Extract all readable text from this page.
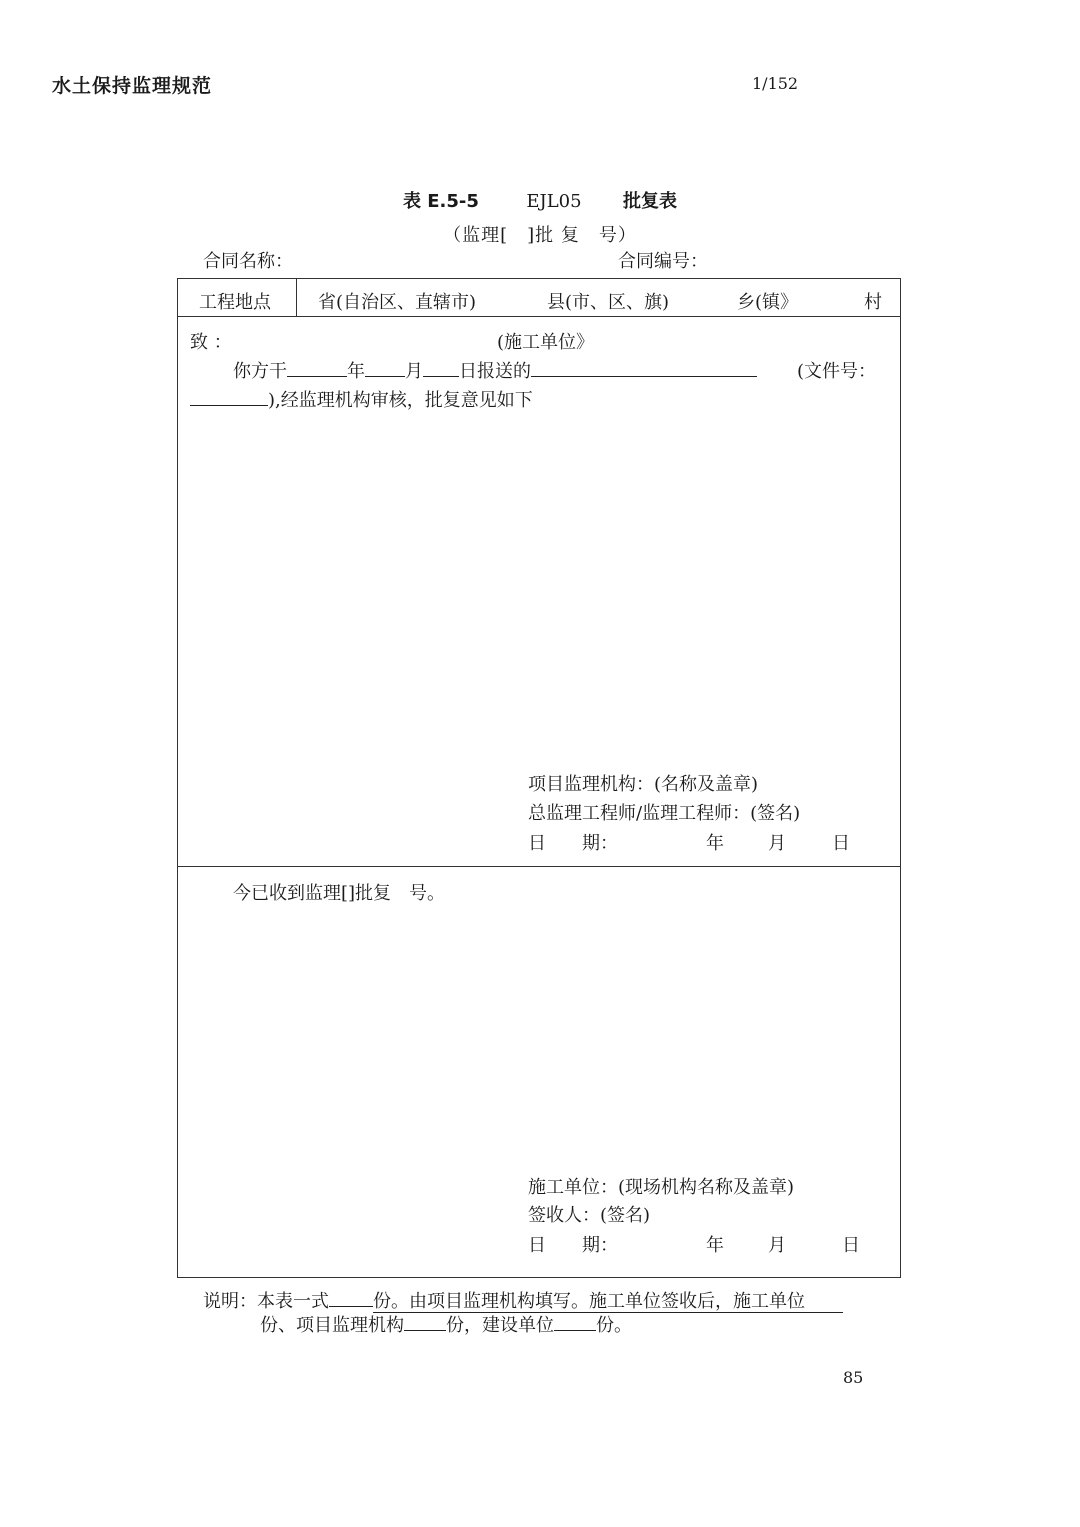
水土保持监理规范	1/152
表 E.5-5	EJL05 批复表
（监理[　]批 复　号）
合同名称：	合同编号：
工程地点	省(自治区、直辖市)	县(市、区、旗)	乡(镇》	村
致 ：	(施工单位》
你方干	年 月 日报送的	(文件号：
),经监理机构审核，批复意见如下
项目监理机构：(名称及盖章)
总监理工程师/监理工程师：(签名)
日　　期：	年 月	日
今已收到监理[]批复　号。
施工单位：(现场机构名称及盖章)
签收人：(签名)
日　　期：	年 月	日
说明：本表一式 份。由项目监理机构填写。施工单位签收后，施工单位
份、项目监理机构 份，建设单位 份。
85
